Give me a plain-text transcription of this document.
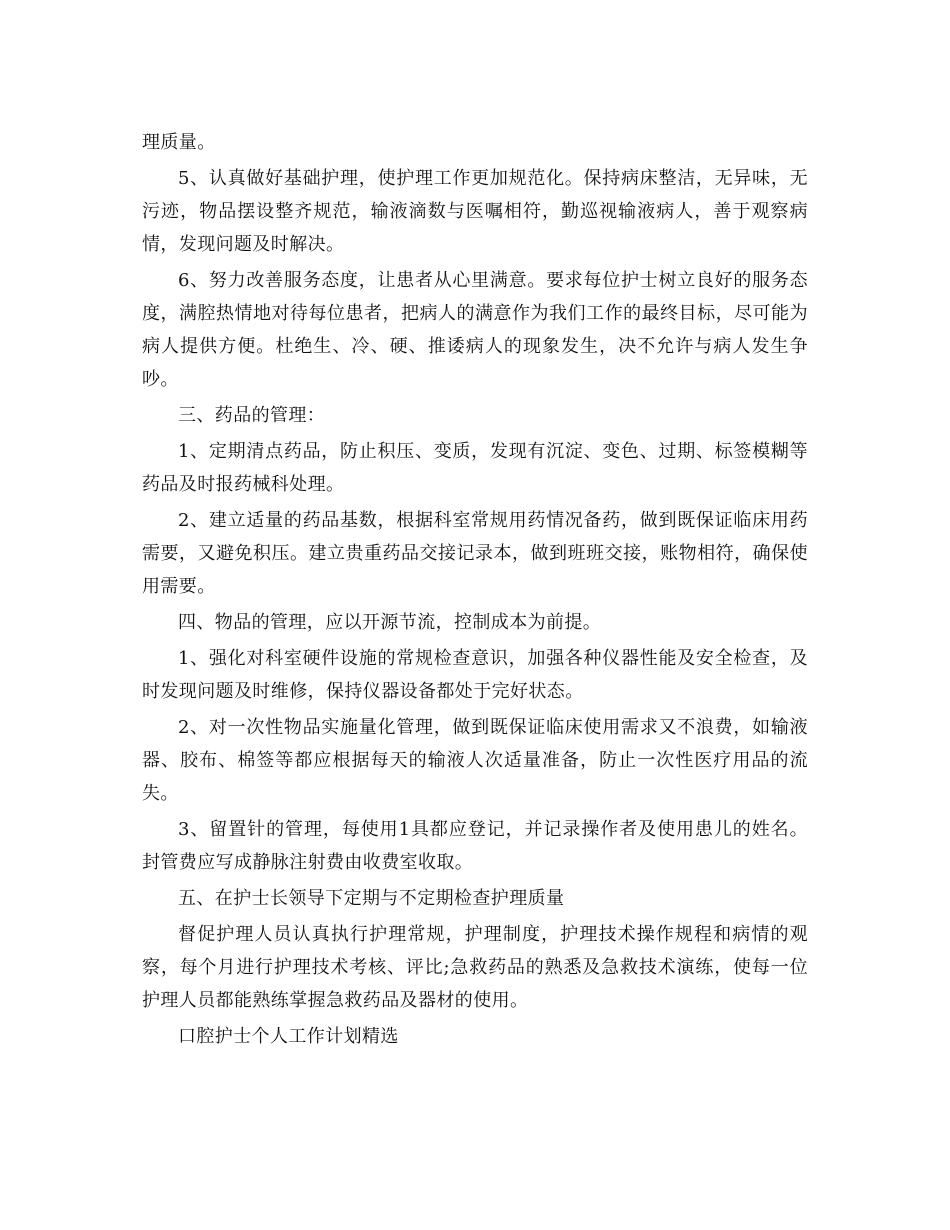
理质量。

5、认真做好基础护理，使护理工作更加规范化。保持病床整洁，无异味，无污迹，物品摆设整齐规范，输液滴数与医嘱相符，勤巡视输液病人，善于观察病情，发现问题及时解决。

6、努力改善服务态度，让患者从心里满意。要求每位护士树立良好的服务态度，满腔热情地对待每位患者，把病人的满意作为我们工作的最终目标，尽可能为病人提供方便。杜绝生、冷、硬、推诿病人的现象发生，决不允许与病人发生争吵。

三、药品的管理：

1、定期清点药品，防止积压、变质，发现有沉淀、变色、过期、标签模糊等药品及时报药械科处理。

2、建立适量的药品基数，根据科室常规用药情况备药，做到既保证临床用药需要，又避免积压。建立贵重药品交接记录本，做到班班交接，账物相符，确保使用需要。

四、物品的管理，应以开源节流，控制成本为前提。

1、强化对科室硬件设施的常规检查意识，加强各种仪器性能及安全检查，及时发现问题及时维修，保持仪器设备都处于完好状态。

2、对一次性物品实施量化管理，做到既保证临床使用需求又不浪费，如输液器、胶布、棉签等都应根据每天的输液人次适量准备，防止一次性医疗用品的流失。

3、留置针的管理，每使用1具都应登记，并记录操作者及使用患儿的姓名。封管费应写成静脉注射费由收费室收取。

五、在护士长领导下定期与不定期检查护理质量

督促护理人员认真执行护理常规，护理制度，护理技术操作规程和病情的观察，每个月进行护理技术考核、评比;急救药品的熟悉及急救技术演练，使每一位护理人员都能熟练掌握急救药品及器材的使用。

口腔护士个人工作计划精选
